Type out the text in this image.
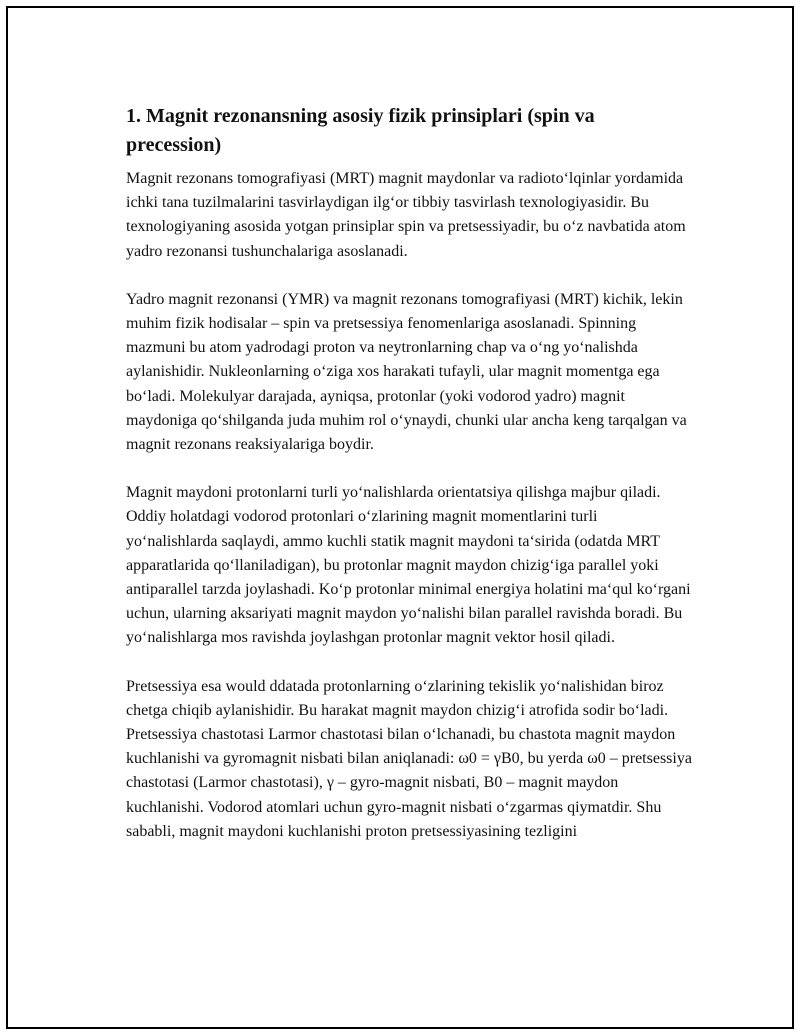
1. Magnit rezonansning asosiy fizik prinsiplari (spin va precession)

Magnit rezonans tomografiyasi (MRT) magnit maydonlar va radioto‘lqinlar yordamida ichki tana tuzilmalarini tasvirlaydigan ilg‘or tibbiy tasvirlash texnologiyasidir. Bu texnologiyaning asosida yotgan prinsiplar spin va pretsessiyadir, bu o‘z navbatida atom yadro rezonansi tushunchalariga asoslanadi.

Yadro magnit rezonansi (YMR) va magnit rezonans tomografiyasi (MRT) kichik, lekin muhim fizik hodisalar – spin va pretsessiya fenomenlariga asoslanadi. Spinning mazmuni bu atom yadrodagi proton va neytronlarning chap va o‘ng yo‘nalishda aylanishidir. Nukleonlarning o‘ziga xos harakati tufayli, ular magnit momentga ega bo‘ladi. Molekulyar darajada, ayniqsa, protonlar (yoki vodorod yadro) magnit maydoniga qo‘shilganda juda muhim rol o‘ynaydi, chunki ular ancha keng tarqalgan va magnit rezonans reaksiyalariga boydir.

Magnit maydoni protonlarni turli yo‘nalishlarda orientatsiya qilishga majbur qiladi. Oddiy holatdagi vodorod protonlari o‘zlarining magnit momentlarini turli yo‘nalishlarda saqlaydi, ammo kuchli statik magnit maydoni ta‘sirida (odatda MRT apparatlarida qo‘llaniladigan), bu protonlar magnit maydon chizig‘iga parallel yoki antiparallel tarzda joylashadi. Ko‘p protonlar minimal energiya holatini ma‘qul ko‘rgani uchun, ularning aksariyati magnit maydon yo‘nalishi bilan parallel ravishda boradi. Bu yo‘nalishlarga mos ravishda joylashgan protonlar magnit vektor hosil qiladi.

Pretsessiya esa would ddatada protonlarning o‘zlarining tekislik yo‘nalishidan biroz chetga chiqib aylanishidir. Bu harakat magnit maydon chizig‘i atrofida sodir bo‘ladi. Pretsessiya chastotasi Larmor chastotasi bilan o‘lchanadi, bu chastota magnit maydon kuchlanishi va gyromagnit nisbati bilan aniqlanadi: ω0 = γB0, bu yerda ω0 – pretsessiya chastotasi (Larmor chastotasi), γ – gyro-magnit nisbati, B0 – magnit maydon kuchlanishi. Vodorod atomlari uchun gyro-magnit nisbati o‘zgarmas qiymatdir. Shu sababli, magnit maydoni kuchlanishi proton pretsessiyasining tezligini
